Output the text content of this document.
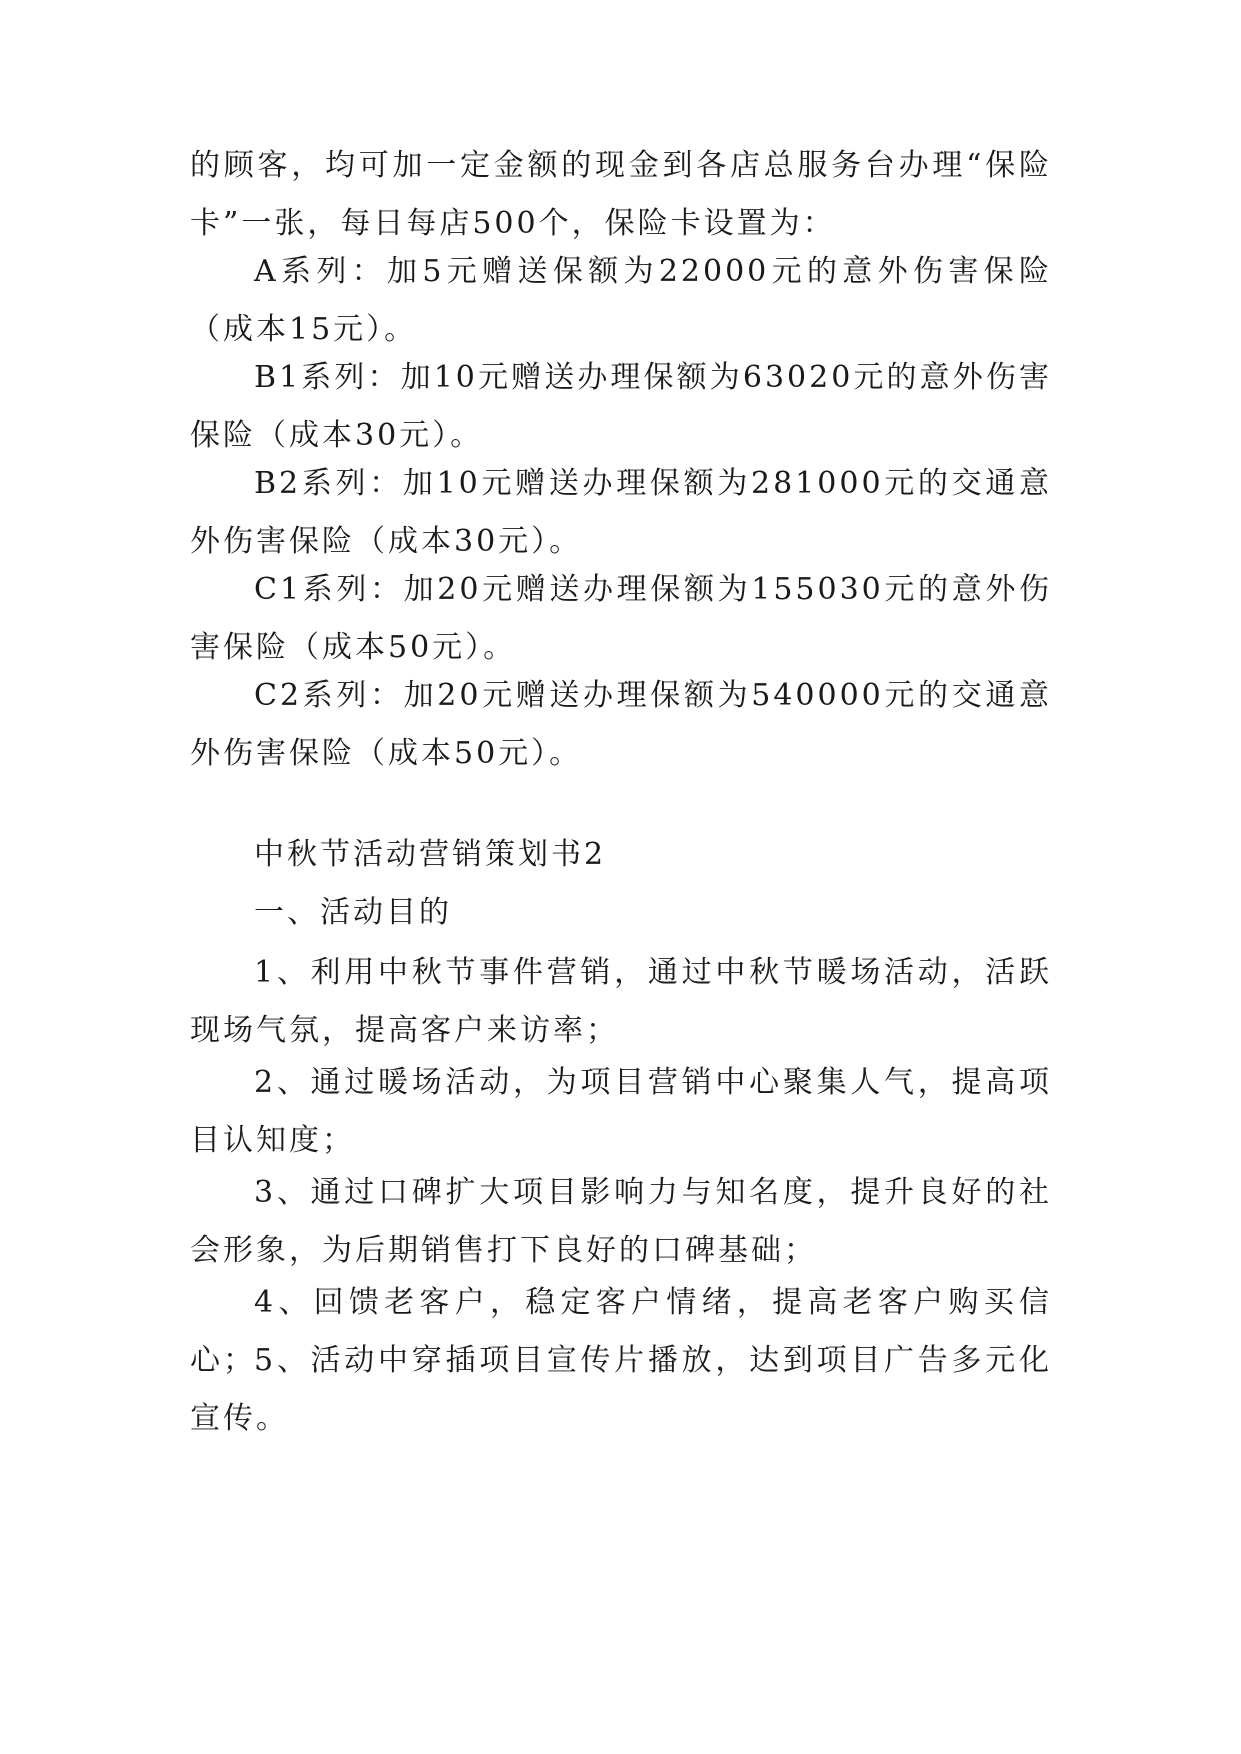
的顾客，均可加一定金额的现金到各店总服务台办理“保险卡”一张，每日每店500个，保险卡设置为：

A系列：加5元赠送保额为22000元的意外伤害保险（成本15元）。

B1系列：加10元赠送办理保额为63020元的意外伤害保险（成本30元）。

B2系列：加10元赠送办理保额为281000元的交通意外伤害保险（成本30元）。

C1系列：加20元赠送办理保额为155030元的意外伤害保险（成本50元）。

C2系列：加20元赠送办理保额为540000元的交通意外伤害保险（成本50元）。

中秋节活动营销策划书2

一、活动目的

1、利用中秋节事件营销，通过中秋节暖场活动，活跃现场气氛，提高客户来访率；

2、通过暖场活动，为项目营销中心聚集人气，提高项目认知度；

3、通过口碑扩大项目影响力与知名度，提升良好的社会形象，为后期销售打下良好的口碑基础；

4、回馈老客户，稳定客户情绪，提高老客户购买信心；

5、活动中穿插项目宣传片播放，达到项目广告多元化宣传。
